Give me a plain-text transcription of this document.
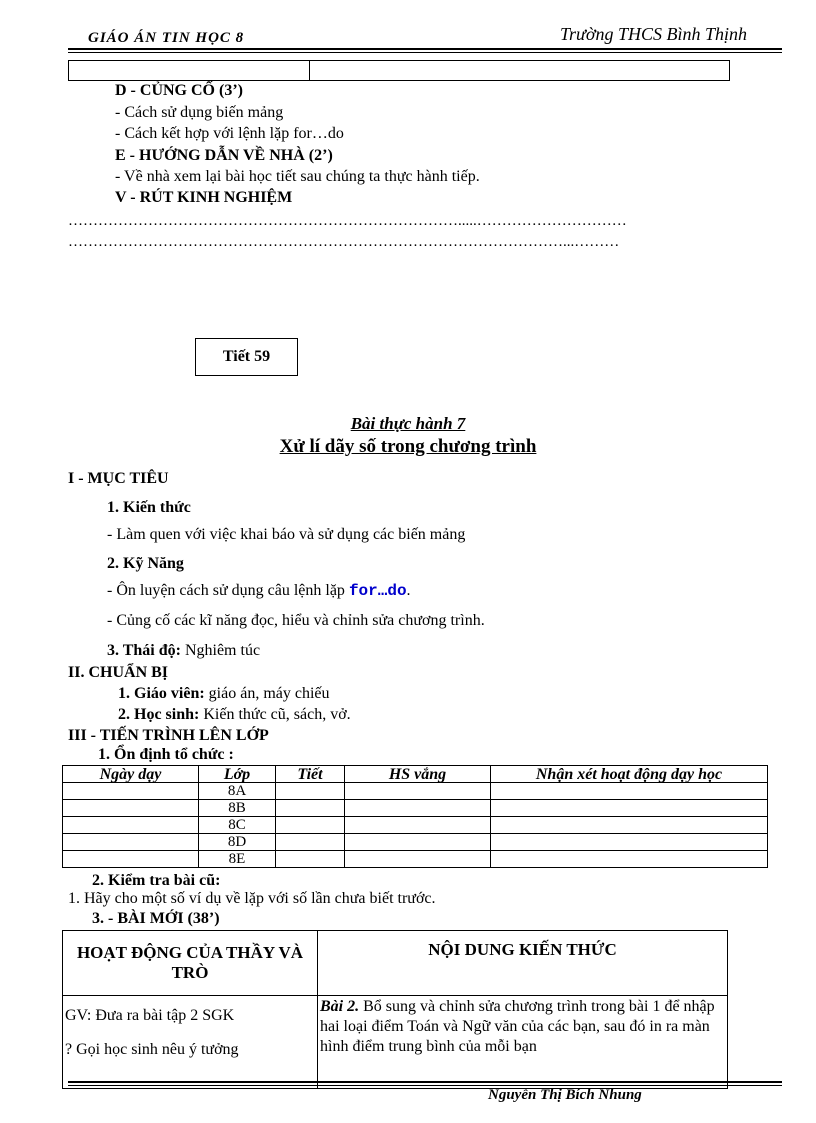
GIÁO ÁN TIN HỌC 8	Trường THCS Bình Thịnh
D - CỦNG CỐ (3’)
- Cách sử dụng biến mảng
- Cách kết hợp với lệnh lặp for…do
E - HƯỚNG DẪN VỀ NHÀ (2’)
- Về nhà xem lại bài học tiết sau chúng ta thực hành tiếp.
V - RÚT KINH NGHIỆM
…………………………………………………………………….....…………………………
………………………………………………………………………………………...………
Tiết 59
Bài thực hành 7
Xử lí dãy số trong chương trình
I - MỤC TIÊU
1. Kiến thức
- Làm quen với việc khai báo và sử dụng các biến mảng
2. Kỹ Năng
- Ôn luyện cách sử dụng câu lệnh lặp for…do.
- Củng cố các kĩ năng đọc, hiểu và chỉnh sửa chương trình.
3. Thái độ: Nghiêm túc
II. CHUẨN BỊ
1. Giáo viên: giáo án, máy chiếu
2. Học sinh: Kiến thức cũ, sách, vở.
III - TIẾN TRÌNH LÊN LỚP
1. Ổn định tổ chức :
Ngày dạy	Lớp	Tiết	HS vắng	Nhận xét hoạt động dạy học
	8A			
	8B			
	8C			
	8D			
	8E			
2. Kiểm tra bài cũ:
1. Hãy cho một số ví dụ về lặp với số lần chưa biết trước.
3. - BÀI MỚI (38’)
HOẠT ĐỘNG CỦA THẦY VÀ TRÒ	NỘI DUNG KIẾN THỨC

GV: Đưa ra bài tập 2 SGK
? Gọi học sinh nêu ý tưởng	Bài 2. Bổ sung và chỉnh sửa chương trình trong bài 1 để nhập hai loại điểm Toán và Ngữ văn của các bạn, sau đó in ra màn hình điểm trung bình của mỗi bạn
Nguyễn Thị Bích Nhung
